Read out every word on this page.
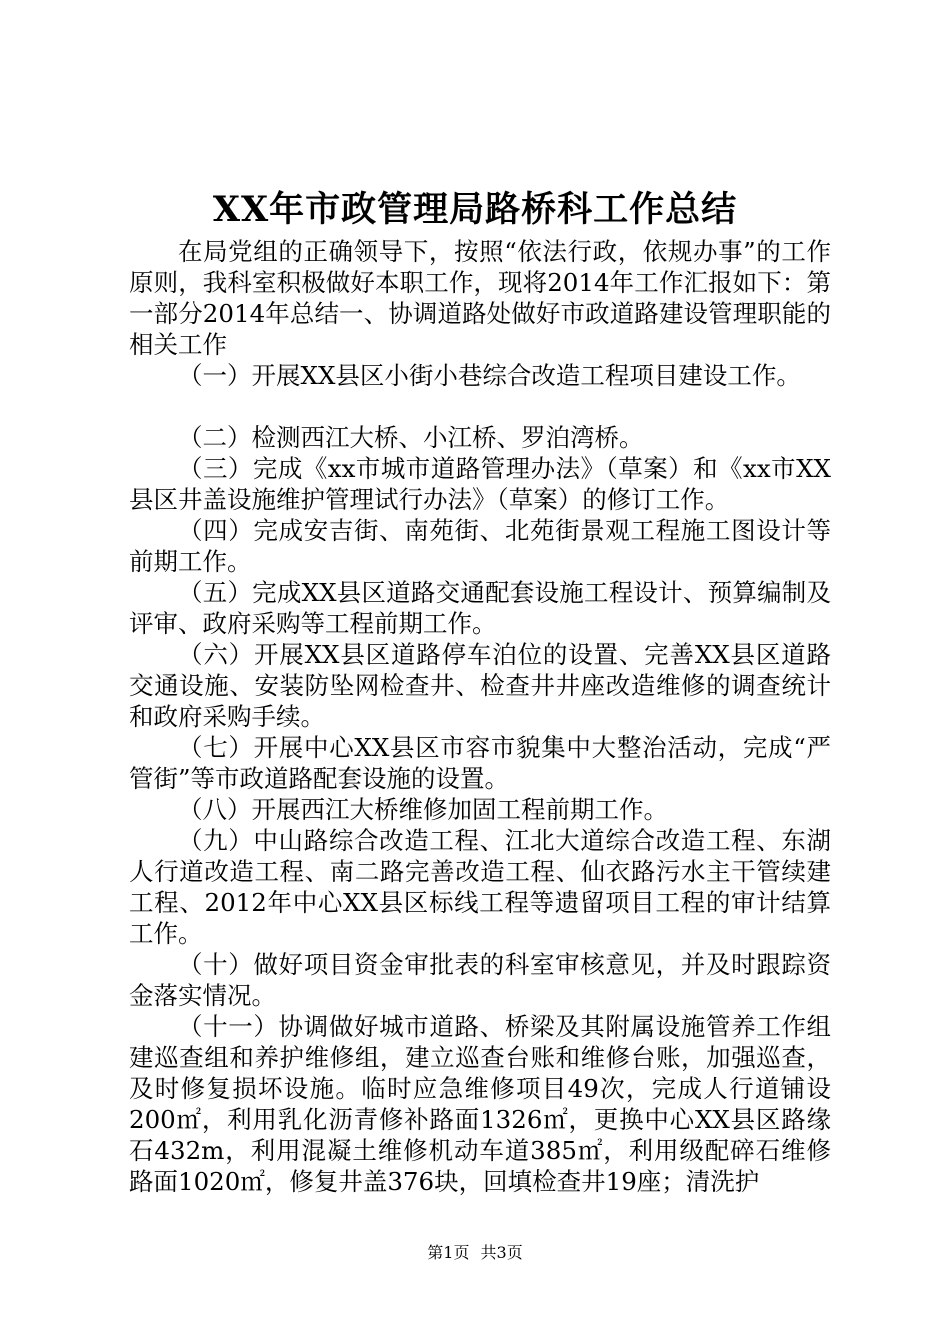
XX年市政管理局路桥科工作总结

在局党组的正确领导下，按照“依法行政，依规办事”的工作原则，我科室积极做好本职工作，现将2014年工作汇报如下：第一部分2014年总结一、协调道路处做好市政道路建设管理职能的相关工作

（一）开展XX县区小街小巷综合改造工程项目建设工作。

（二）检测西江大桥、小江桥、罗泊湾桥。

（三）完成《xx市城市道路管理办法》（草案）和《xx市XX县区井盖设施维护管理试行办法》（草案）的修订工作。

（四）完成安吉街、南苑街、北苑街景观工程施工图设计等前期工作。

（五）完成XX县区道路交通配套设施工程设计、预算编制及评审、政府采购等工程前期工作。

（六）开展XX县区道路停车泊位的设置、完善XX县区道路交通设施、安装防坠网检查井、检查井井座改造维修的调查统计和政府采购手续。

（七）开展中心XX县区市容市貌集中大整治活动，完成“严管街”等市政道路配套设施的设置。

（八）开展西江大桥维修加固工程前期工作。

（九）中山路综合改造工程、江北大道综合改造工程、东湖人行道改造工程、南二路完善改造工程、仙衣路污水主干管续建工程、2012年中心XX县区标线工程等遗留项目工程的审计结算工作。

（十）做好项目资金审批表的科室审核意见，并及时跟踪资金落实情况。

（十一）协调做好城市道路、桥梁及其附属设施管养工作组建巡查组和养护维修组，建立巡查台账和维修台账，加强巡查，及时修复损坏设施。临时应急维修项目49次，完成人行道铺设200㎡，利用乳化沥青修补路面1326㎡，更换中心XX县区路缘石432m，利用混凝土维修机动车道385㎡，利用级配碎石维修路面1020㎡，修复井盖376块，回填检查井19座；清洗护

第1页 共3页
